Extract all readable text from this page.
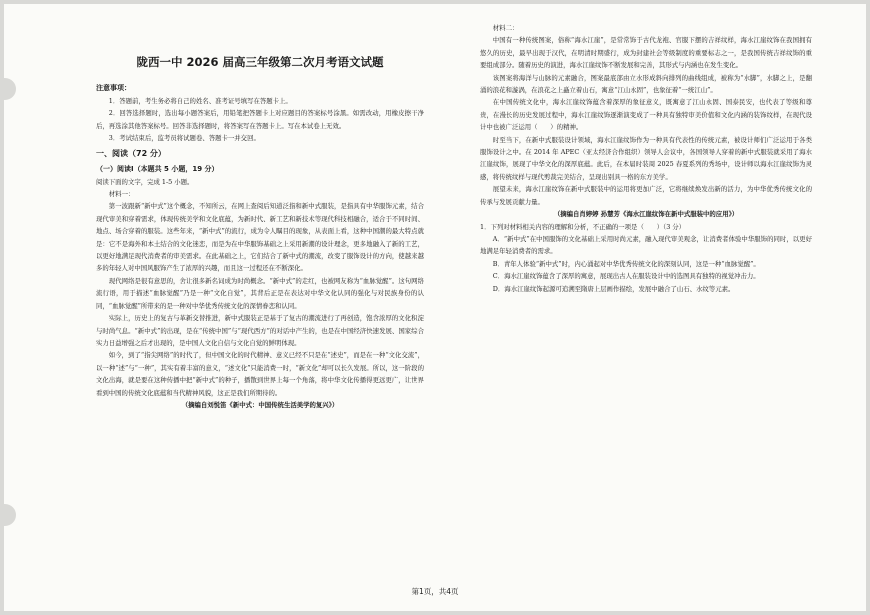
陇西一中 2026 届高三年级第二次月考语文试题
注意事项：

1．答题前，考生务必将自己的姓名、准考证号填写在答题卡上。

2．回答选择题时，选出每小题答案后，用铅笔把答题卡上对应题目的答案标号涂黑。如需改动，用橡皮擦干净后，再选涂其他答案标号。回答非选择题时，将答案写在答题卡上。写在本试卷上无效。

3．考试结束后，监考员将试题卷、答题卡一并交回。

一、阅读（72 分）
（一）阅读Ⅰ（本题共 5 小题，19 分）

阅读下面的文字，完成 1-5 小题。

材料一：

第一波跟新“新中式”这个概念，不知所云，在网上查阅后知道泛指和新中式服装，是指具有中华服饰元素，结合现代审美和穿着需求，体现传统美学和文化底蕴，为新时代、新工艺和新技术等现代科技相融合，适合于不同时间、地点、场合穿着的服装。这些年来，“新中式”的流行，成为令人瞩目的现象，从表面上看，这种中国潮的最大特点就是：它不是海外和本土结合的文化迷恋，而是为在中华服饰基础之上采用新潮的设计理念，更多地融入了新的工艺，以更好地满足现代消费者的审美需求。在此基础之上，它们结合了新中式的潮流，改变了服饰设计的方向，使越来越多的年轻人对中国风服饰产生了浓厚的兴趣，而且这一过程还在不断深化。

现代网络是很有意思的，舍让很多新名词成为时尚概念。“新中式”的走红，也被网友称为“血脉觉醒”。这句网络流行语，用于描述“血脉觉醒”乃是一种“文化自觉”，其背后正是在表达对中华文化认同的强化与对民族身份的认同，“血脉觉醒”所带来的是一种对中华优秀传统文化的深情眷恋和认同。

实际上，历史上的复古与革新交替推进，新中式服装正是基于了复古的潮流进行了再创造，饱含浓厚的文化积淀与时尚气息。“新中式”的出现，是在“传统中国”与“现代西方”的对话中产生的，也是在中国经济快速发展、国家综合实力日益增强之后才出现的，是中国人文化自信与文化自觉的鲜明体现。

如今，到了“指尖网络”的时代了，但中国文化的时代精神、意义已经不只是在“述史”，而是在一种“文化交流”，以一种“述”与“一种”，其实有着丰富的意义，“述文化”只能消费一时，“新文化”却可以长久发展。所以，这一阶段的文化出海，就是要在这种传播中把“新中式”的种子，播散到世界上每一个角落，将中华文化传播得更远更广，让世界看到中国的传统文化底蕴和当代精神风貌，这正是我们所期待的。

（摘编自刘悦笛《新中式：中国传统生活美学的复兴》）

材料二：

中国有一种传统图案，俗称“海水江崖”，是常常饰于古代龙袍、官服下摆的吉祥纹样，海水江崖纹饰在我国拥有悠久的历史，最早出现于汉代，在明清时期盛行，成为封建社会等级制度的重要标志之一，是我国传统吉祥纹饰的重要组成部分。随着历史的演进，海水江崖纹饰不断发展和完善，其形式与内涵也在发生变化。

该图案将海洋与山脉的元素融合，图案最底部由立水形成斜向排列的曲线组成，被称为“水脚”，水脚之上，是翻涌的浪花和漩涡，在浪花之上矗立着山石，寓意“江山永固”，也象征着“一统江山”。

在中国传统文化中，海水江崖纹饰蕴含着深厚的象征意义，既寓意了江山永固、国泰民安，也代表了等级和尊贵，在漫长的历史发展过程中，海水江崖纹饰逐渐演变成了一种具有独特审美价值和文化内涵的装饰纹样，在现代设计中也被广泛运用（　　）的精神。

时至当下，在新中式服装设计领域，海水江崖纹饰作为一种具有代表性的传统元素，被设计师们广泛运用于各类服饰设计之中。在 2014 年 APEC（亚太经济合作组织）领导人会议中，各国领导人穿着的新中式服装就采用了海水江崖纹饰，展现了中华文化的深厚底蕴。此后，在本届时装周 2025 春夏系列的秀场中，设计师以海水江崖纹饰为灵感，将传统纹样与现代剪裁完美结合，呈现出别具一格的东方美学。

展望未来，海水江崖纹饰在新中式服装中的运用将更加广泛，它将继续焕发出新的活力，为中华优秀传统文化的传承与发展贡献力量。

（摘编自肖婷婷 孙慧芳《海水江崖纹饰在新中式服装中的应用》）

1．下列对材料相关内容的理解和分析，不正确的一项是（　　）（3 分）

A．“新中式”在中国服饰的文化基础上采用时尚元素，融入现代审美观念，让消费者体验中华服饰的同时，以更好地满足年轻消费者的需求。

B．青年人体验“新中式”时，内心涌起对中华优秀传统文化的深刻认同，这是一种“血脉觉醒”。

C．海水江崖纹饰蕴含了深厚的寓意，展现出古人在服装设计中的选图具有独特的视觉冲击力。

D．海水江崖纹饰起源可追溯至隋唐上层画作描绘，发展中融合了山石、水纹等元素。

第1页，共4页
